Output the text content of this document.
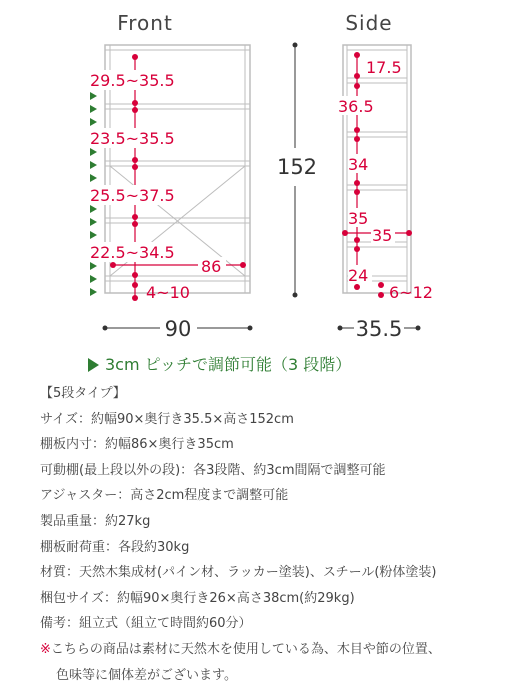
Front
29.5~35.5
23.5~35.5
25.5~37.5
22.5~34.5
86
4~10
90
152
Side
17.5
36.5
34
35
35
24
6~12
35.5
3cm ピッチで調節可能（3 段階）
【5段タイプ】
サイズ：約幅90×奥行き35.5×高さ152cm
棚板内寸：約幅86×奥行き35cm
可動棚(最上段以外の段)：各3段階、約3cm間隔で調整可能
アジャスター：高さ2cm程度まで調整可能
製品重量：約27kg
棚板耐荷重：各段約30kg
材質：天然木集成材(パイン材、ラッカー塗装)、スチール(粉体塗装)
梱包サイズ：約幅90×奥行き26×高さ38cm(約29kg)
備考：組立式（組立て時間約60分）
※こちらの商品は素材に天然木を使用している為、木目や節の位置、
色味等に個体差がございます。
